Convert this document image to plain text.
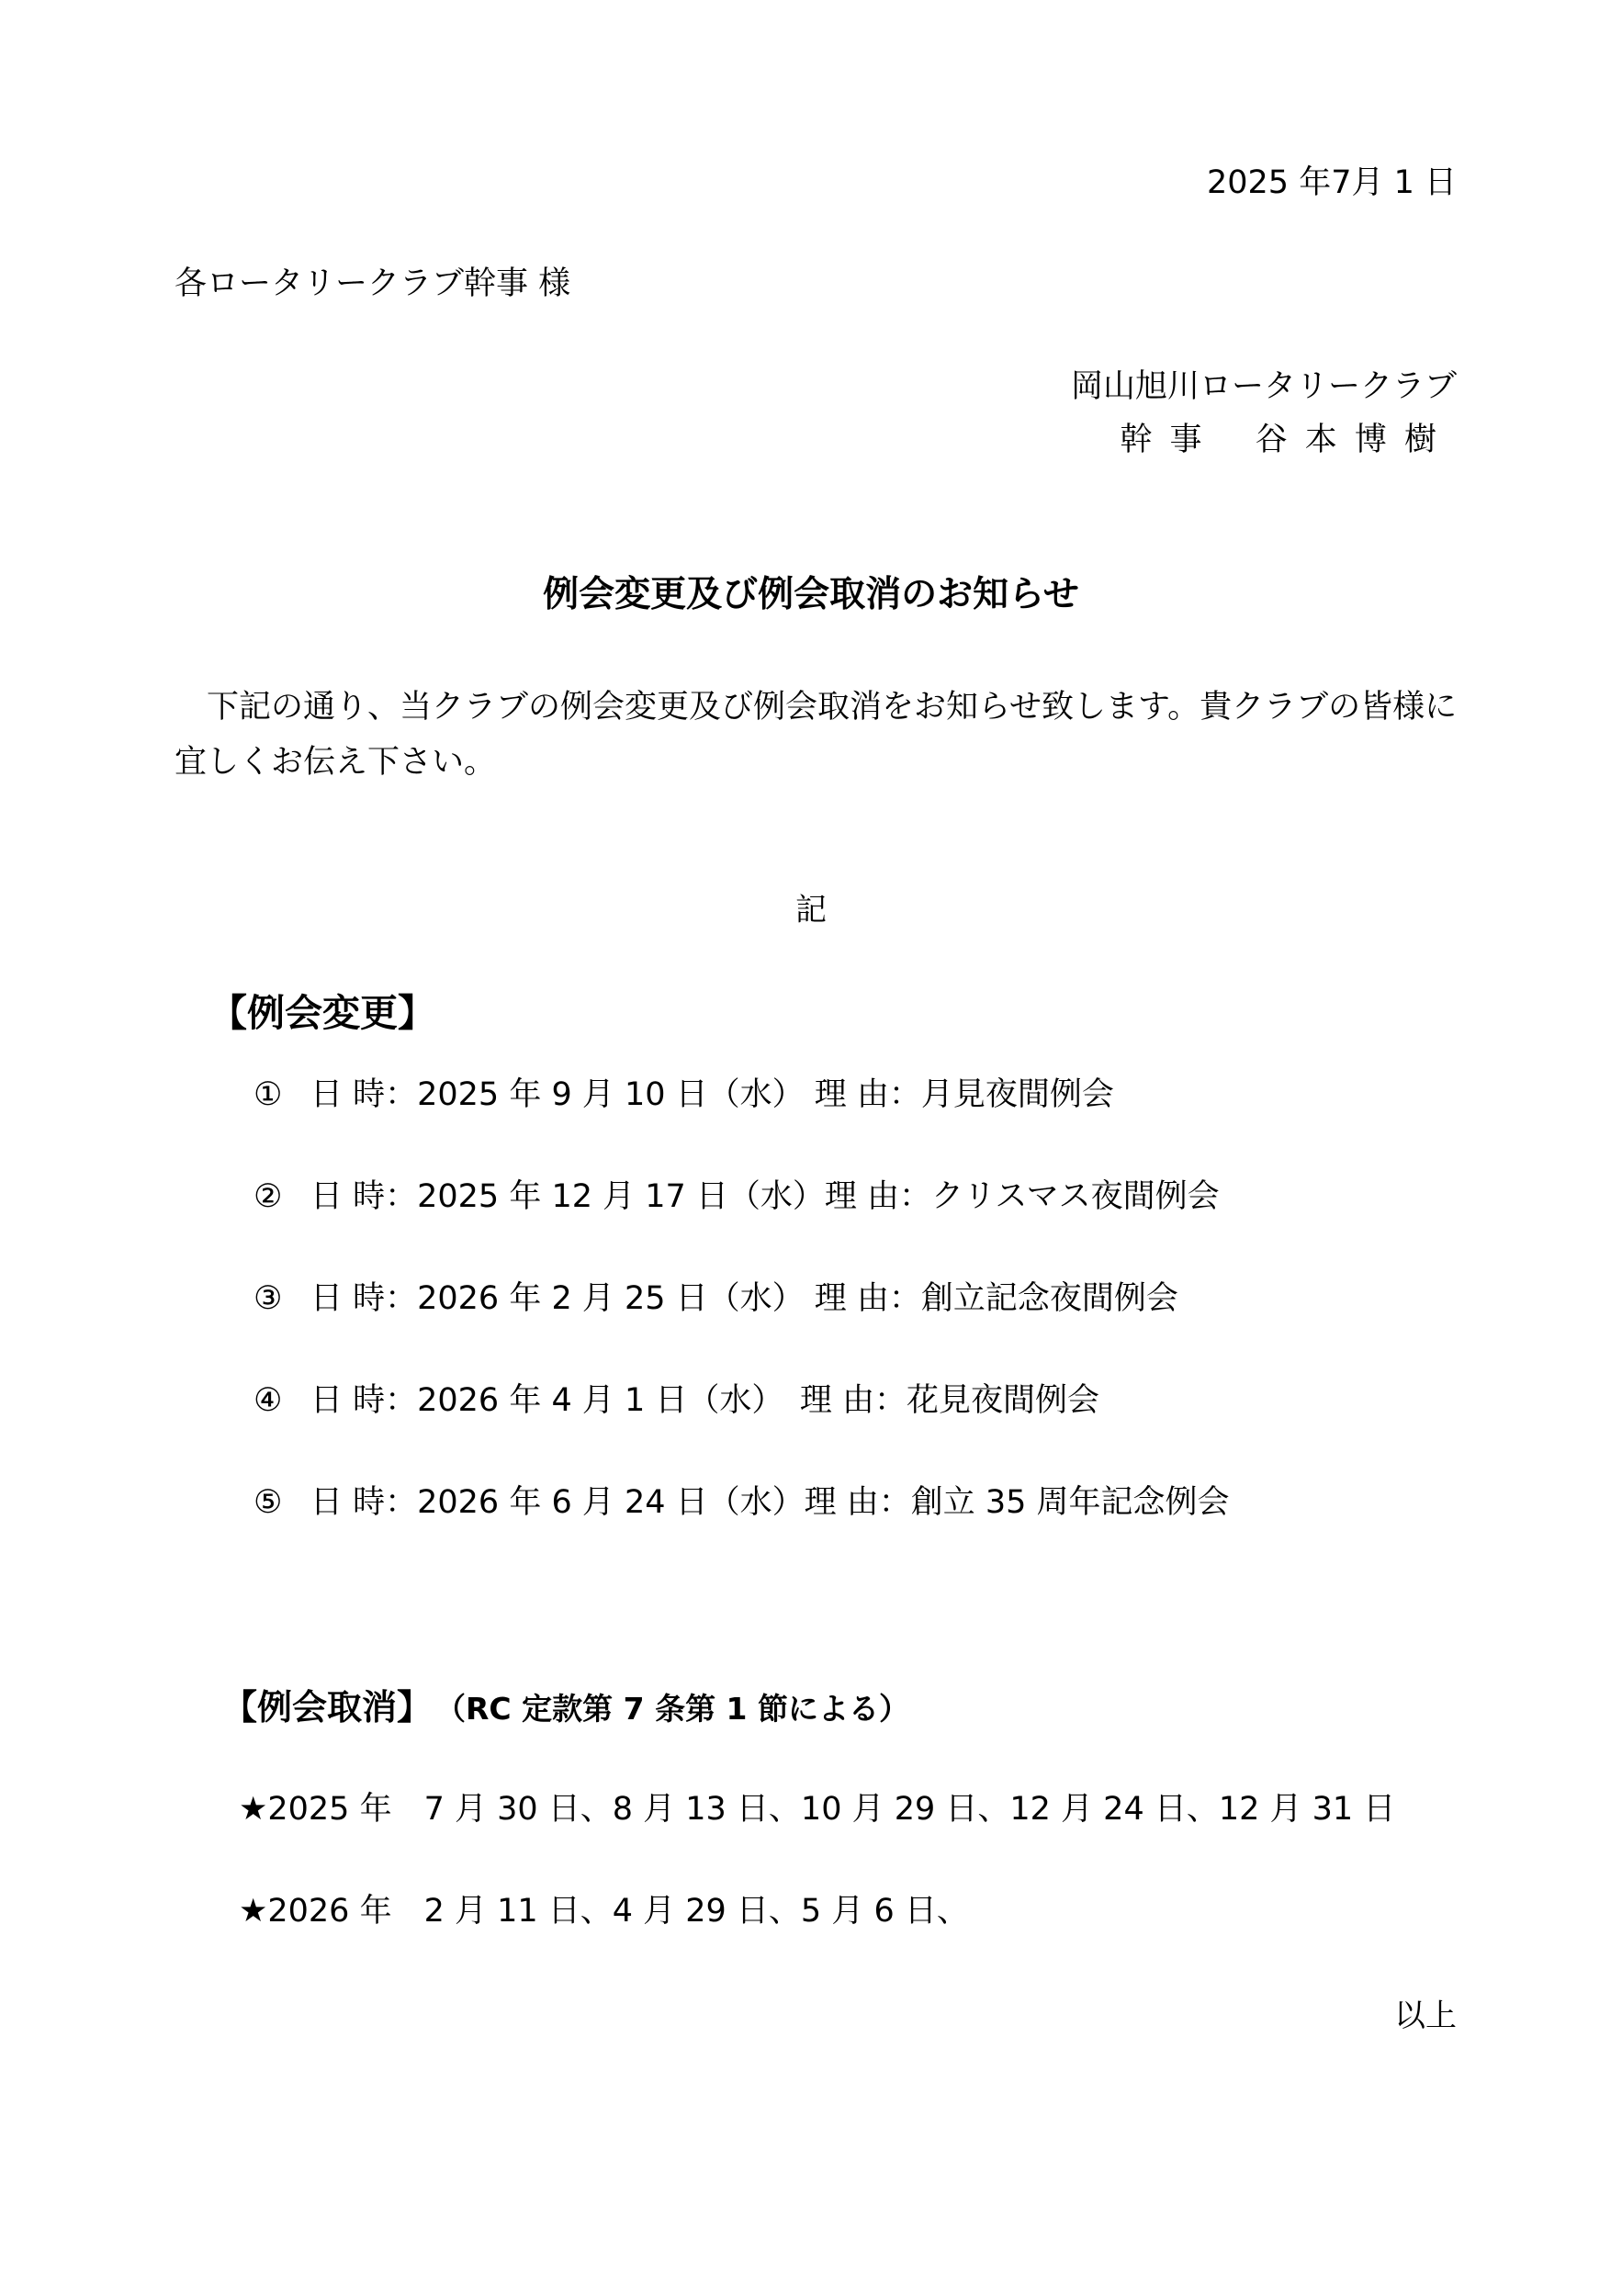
2025 年7月 1 日
各ロータリークラブ幹事 様
岡山旭川ロータリークラブ
幹 事　 谷 本 博 樹
例会変更及び例会取消のお知らせ
　下記の通り、当クラブの例会変更及び例会取消をお知らせ致します。貴クラブの皆様に
宜しくお伝え下さい。
記
【例会変更】
① 日 時：2025 年 9 月 10 日（水） 理 由：月見夜間例会
② 日 時：2025 年 12 月 17 日（水）理 由：クリスマス夜間例会
③ 日 時：2026 年 2 月 25 日（水） 理 由：創立記念夜間例会
④ 日 時：2026 年 4 月 1 日（水）　理 由：花見夜間例会
⑤ 日 時：2026 年 6 月 24 日（水）理 由：創立 35 周年記念例会
【例会取消】 （RC 定款第 7 条第 1 節による）
★2025 年　7 月 30 日、8 月 13 日、10 月 29 日、12 月 24 日、12 月 31 日
★2026 年　2 月 11 日、4 月 29 日、5 月 6 日、
以上
